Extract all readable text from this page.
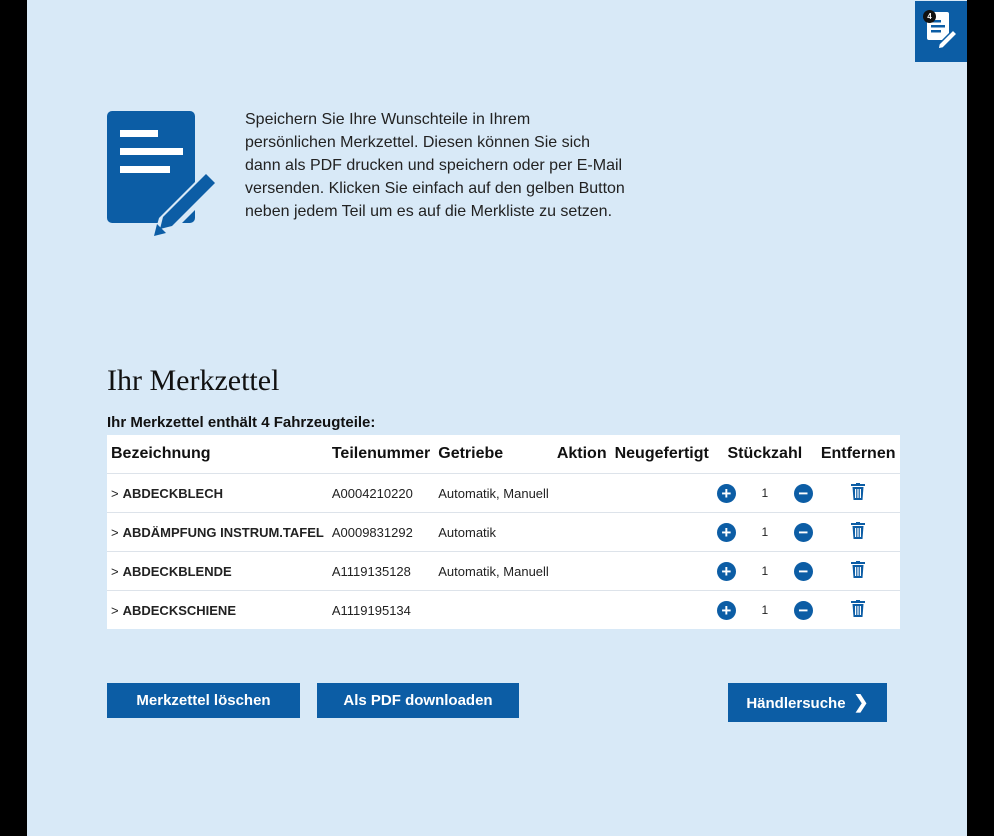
4

Speichern Sie Ihre Wunschteile in Ihrem persönlichen Merkzettel. Diesen können Sie sich dann als PDF drucken und speichern oder per E-Mail versenden. Klicken Sie einfach auf den gelben Button neben jedem Teil um es auf die Merkliste zu setzen.

Ihr Merkzettel

Ihr Merkzettel enthält 4 Fahrzeugteile:

Bezeichnung	Teilenummer	Getriebe	Aktion	Neugefertigt	Stückzahl	Entfernen
> ABDECKBLECH	A0004210220	Automatik, Manuell			+ 1 −

> ABDÄMPFUNG INSTRUM.TAFEL	A0009831292	Automatik			+ 1 −

> ABDECKBLENDE	A1119135128	Automatik, Manuell			+ 1 −

> ABDECKSCHIENE	A1119195134				+ 1 −

Merkzettel löschen	Als PDF downloaden	Händlersuche ❯
